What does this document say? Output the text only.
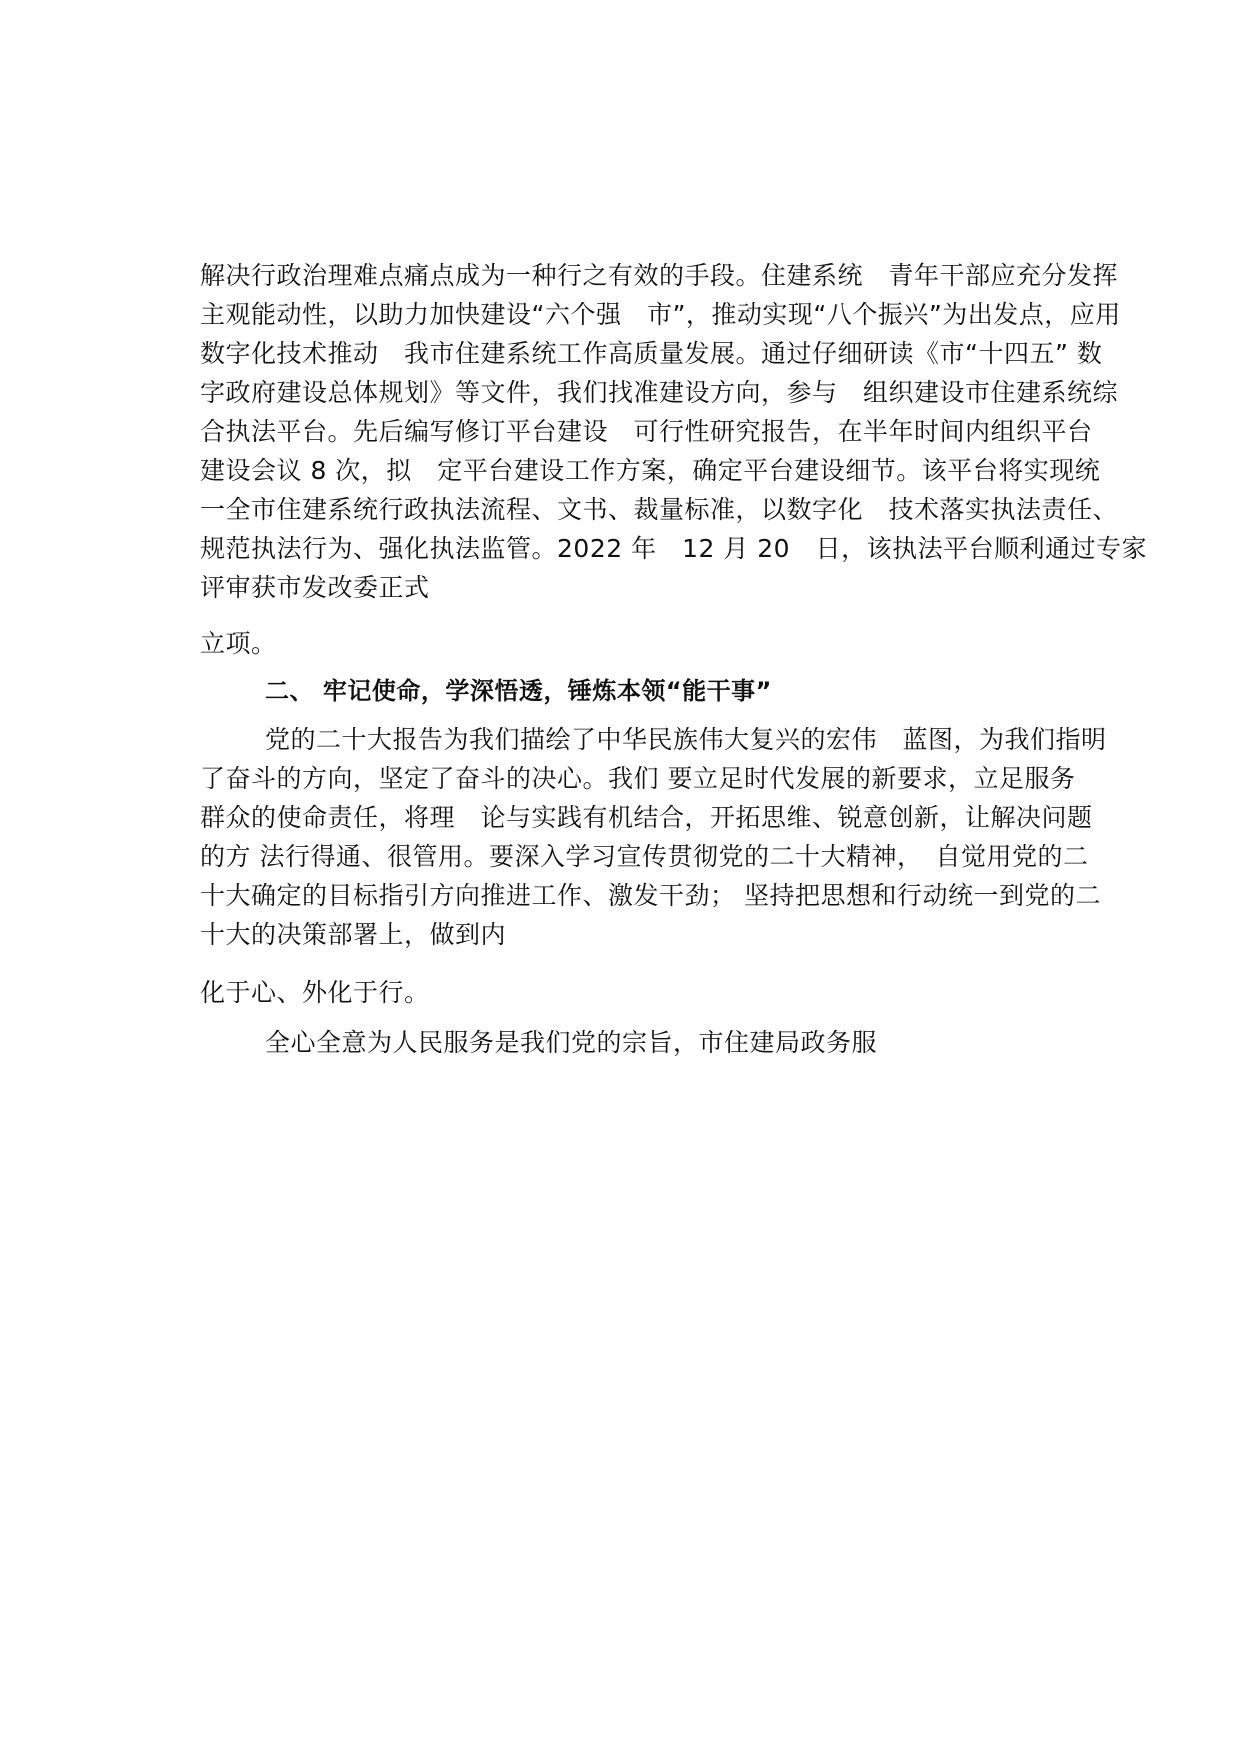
解决行政治理难点痛点成为一种行之有效的手段。住建系统　青年干部应充分发挥
主观能动性，以助力加快建设“六个强　市”，推动实现“八个振兴”为出发点，应用
数字化技术推动　我市住建系统工作高质量发展。通过仔细研读《市“十四五” 数
字政府建设总体规划》等文件，我们找准建设方向，参与　组织建设市住建系统综
合执法平台。先后编写修订平台建设　可行性研究报告，在半年时间内组织平台
建设会议 8 次，拟　定平台建设工作方案，确定平台建设细节。该平台将实现统
一全市住建系统行政执法流程、文书、裁量标准，以数字化　技术落实执法责任、
规范执法行为、强化执法监管。2022 年　12 月 20　日，该执法平台顺利通过专家
评审获市发改委正式
立项。
二、 牢记使命，学深悟透，锤炼本领“能干事”
党的二十大报告为我们描绘了中华民族伟大复兴的宏伟　蓝图，为我们指明
了奋斗的方向，坚定了奋斗的决心。我们 要立足时代发展的新要求，立足服务
群众的使命责任，将理　论与实践有机结合，开拓思维、锐意创新，让解决问题
的方 法行得通、很管用。要深入学习宣传贯彻党的二十大精神，　自觉用党的二
十大确定的目标指引方向推进工作、激发干劲； 坚持把思想和行动统一到党的二
十大的决策部署上，做到内
化于心、外化于行。
全心全意为人民服务是我们党的宗旨，市住建局政务服
